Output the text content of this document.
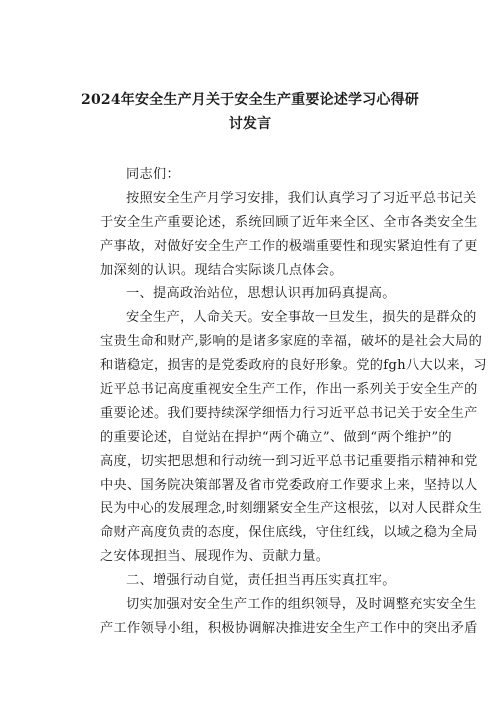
2024年安全生产月关于安全生产重要论述学习心得研
讨发言
同志们：
按照安全生产月学习安排，我们认真学习了习近平总书记关
于安全生产重要论述，系统回顾了近年来全区、全市各类安全生
产事故，对做好安全生产工作的极端重要性和现实紧迫性有了更
加深刻的认识。现结合实际谈几点体会。
一、提高政治站位，思想认识再加码真提高。
安全生产，人命关天。安全事故一旦发生，损失的是群众的
宝贵生命和财产,影响的是诸多家庭的幸福，破坏的是社会大局的
和谐稳定，损害的是党委政府的良好形象。党的fgh八大以来，习
近平总书记高度重视安全生产工作，作出一系列关于安全生产的
重要论述。我们要持续深学细悟力行习近平总书记关于安全生产
的重要论述，自觉站在捍护“两个确立”、做到“两个维护”的
高度，切实把思想和行动统一到习近平总书记重要指示精神和党
中央、国务院决策部署及省市党委政府工作要求上来，坚持以人
民为中心的发展理念,时刻绷紧安全生产这根弦，以对人民群众生
命财产高度负责的态度，保住底线，守住红线，以域之稳为全局
之安体现担当、展现作为、贡献力量。
二、增强行动自觉，责任担当再压实真扛牢。
切实加强对安全生产工作的组织领导，及时调整充实安全生
产工作领导小组，积极协调解决推进安全生产工作中的突出矛盾
